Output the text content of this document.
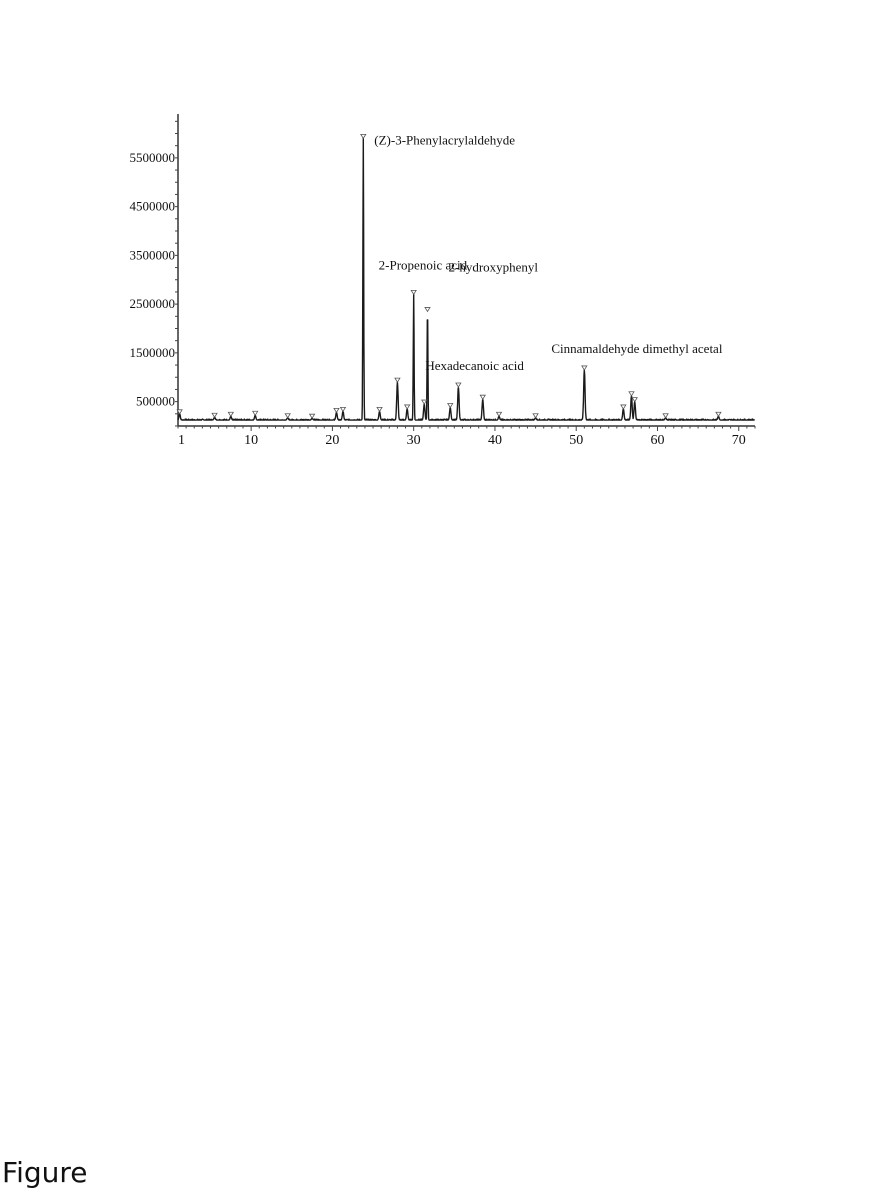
500000
1500000
2500000
3500000
4500000
5500000
1	10	20	30	40	50	60	70
(Z)-3-Phenylacrylaldehyde
2-Propenoic acid
2-hydroxyphenyl
Hexadecanoic acid
Cinnamaldehyde dimethyl acetal
Figure
